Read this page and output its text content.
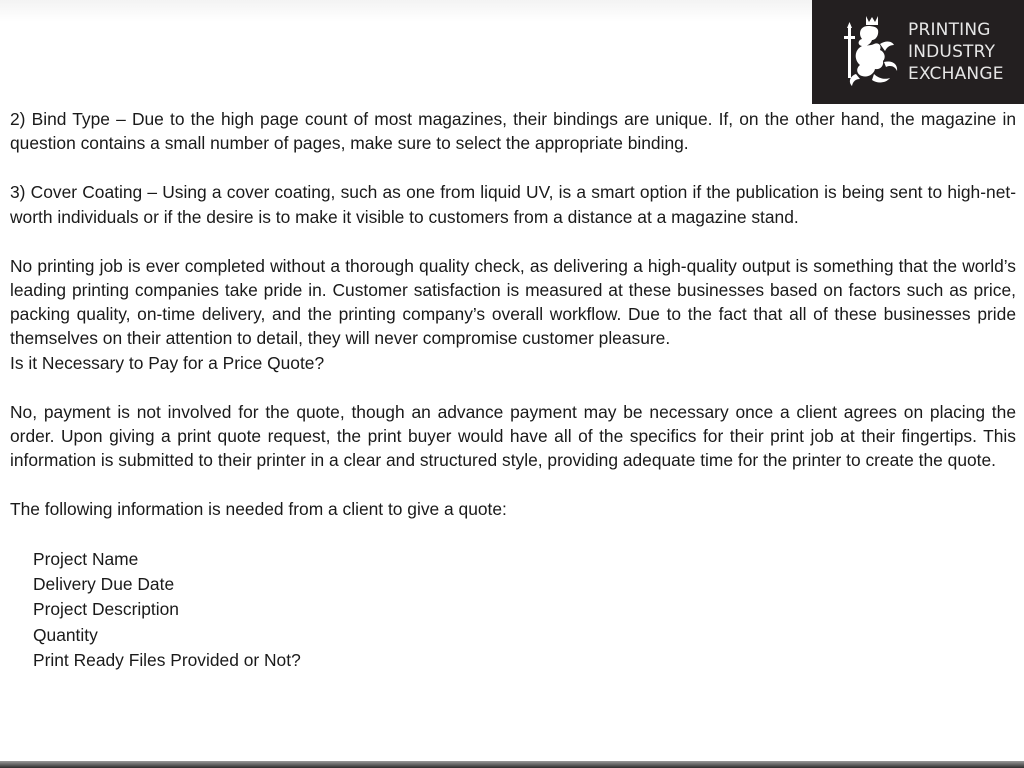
PRINTING
INDUSTRY
EXCHANGE

2) Bind Type – Due to the high page count of most magazines, their bindings are unique. If, on the other hand, the magazine in question contains a small number of pages, make sure to select the appropriate binding.

3) Cover Coating – Using a cover coating, such as one from liquid UV, is a smart option if the publication is being sent to high-net-worth individuals or if the desire is to make it visible to customers from a distance at a magazine stand.

No printing job is ever completed without a thorough quality check, as delivering a high-quality output is something that the world’s leading printing companies take pride in. Customer satisfaction is measured at these businesses based on factors such as price, packing quality, on-time delivery, and the printing company’s overall workflow. Due to the fact that all of these businesses pride themselves on their attention to detail, they will never compromise customer pleasure.

Is it Necessary to Pay for a Price Quote?

No, payment is not involved for the quote, though an advance payment may be necessary once a client agrees on placing the order. Upon giving a print quote request, the print buyer would have all of the specifics for their print job at their fingertips. This information is submitted to their printer in a clear and structured style, providing adequate time for the printer to create the quote.

The following information is needed from a client to give a quote:

Project Name
Delivery Due Date
Project Description
Quantity
Print Ready Files Provided or Not?
